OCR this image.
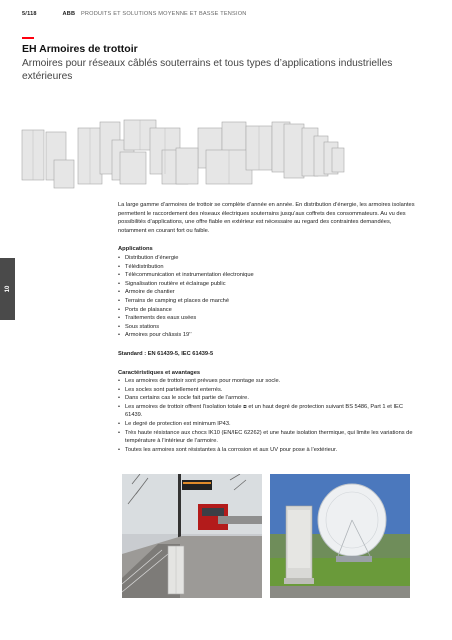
5/118	ABB PRODUITS ET SOLUTIONS MOYENNE ET BASSE TENSION
EH Armoires de trottoir
Armoires pour réseaux câblés souterrains et tous types d’applications industrielles extérieures
10

La large gamme d’armoires de trottoir se complète d’année en année. En distribution d’énergie, les armoires isolantes permettent le raccordement des réseaux électriques souterrains jusqu’aux coffrets des consommateurs. Au vu des possibilités d’applications, une offre fiable en extérieur est nécessaire au regard des contraintes demandées, notamment en courant fort ou faible.

Applications
• Distribution d’énergie
• Télédistribution
• Télécommunication et instrumentation électronique
• Signalisation routière et éclairage public
• Armoire de chantier
• Terrains de camping et places de marché
• Ports de plaisance
• Traitements des eaux usées
• Sous stations
• Armoires pour châssis 19’’
Standard : EN 61439-5, IEC 61439-5
Caractéristiques et avantages
• Les armoires de trottoir sont prévues pour montage sur socle.
• Les socles sont partiellement enterrés.
• Dans certains cas le socle fait partie de l’armoire.
• Les armoires de trottoir offrent l’isolation totale ⧈ et un haut degré de protection suivant BS 5486, Part 1 et IEC 61439.
• Le degré de protection est minimum IP43.
• Très haute résistance aux chocs IK10 (EN/IEC 62262) et une haute isolation thermique, qui limite les variations de température à l’intérieur de l’armoire.
• Toutes les armoires sont résistantes à la corrosion et aux UV pour pose à l’extérieur.
